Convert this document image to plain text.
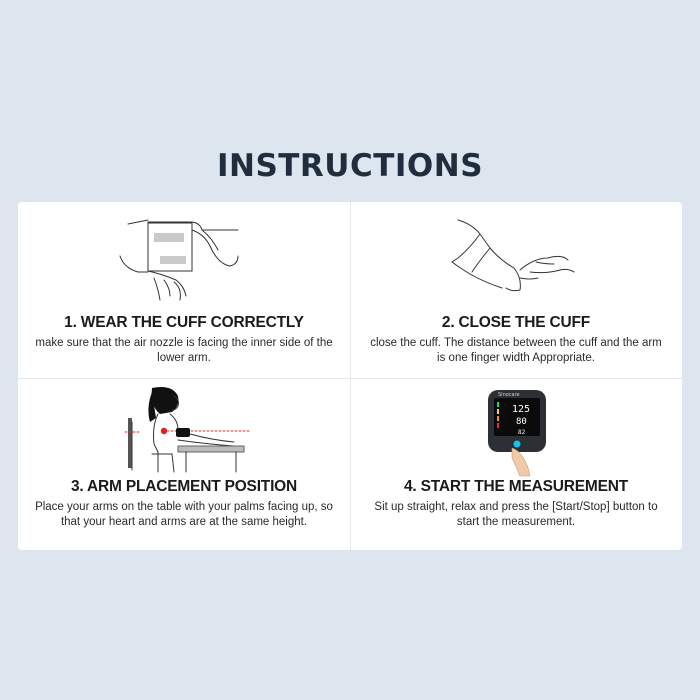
INSTRUCTIONS
1. WEAR THE CUFF CORRECTLY
make sure that the air nozzle is facing the inner side of the lower arm.
2. CLOSE THE CUFF
close the cuff. The distance between the cuff and the arm is one finger width Appropriate.
3. ARM PLACEMENT POSITION
Place your arms on the table with your palms facing up, so that your heart and arms are at the same height.
Sinocare
125
80
82
4. START THE MEASUREMENT
Sit up straight, relax and press the [Start/Stop] button to start the measurement.
